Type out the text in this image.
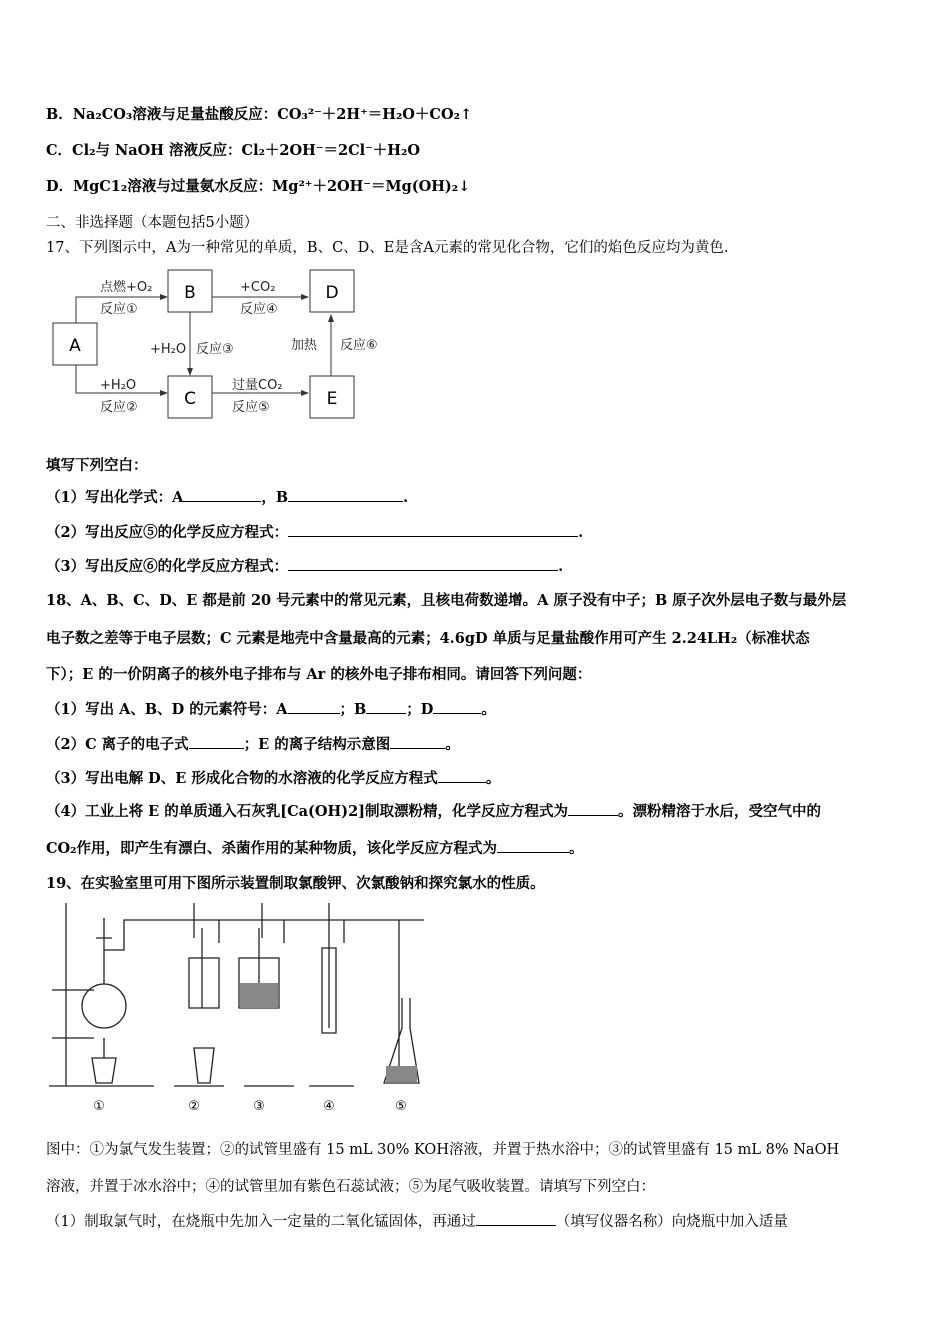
B．Na₂CO₃溶液与足量盐酸反应：CO₃²⁻＋2H⁺＝H₂O＋CO₂↑
C．Cl₂与 NaOH 溶液反应：Cl₂＋2OH⁻＝2Cl⁻＋H₂O
D．MgC1₂溶液与过量氨水反应：Mg²⁺＋2OH⁻＝Mg(OH)₂↓
二、非选择题（本题包括5小题）
17、下列图示中，A为一种常见的单质，B、C、D、E是含A元素的常见化合物，它们的焰色反应均为黄色.
A
B
C
D
E
点燃+O₂
反应①
+H₂O
反应②
+H₂O 反应③
+CO₂
反应④
过量CO₂
反应⑤
加热 反应⑥
填写下列空白：
（1）写出化学式：A	，B	.
（2）写出反应⑤的化学反应方程式：	.
（3）写出反应⑥的化学反应方程式：	.
18、A、B、C、D、E 都是前 20 号元素中的常见元素，且核电荷数递增。A 原子没有中子；B 原子次外层电子数与最外层
电子数之差等于电子层数；C 元素是地壳中含量最高的元素；4.6gD 单质与足量盐酸作用可产生 2.24LH₂（标准状态
下）；E 的一价阴离子的核外电子排布与 Ar 的核外电子排布相同。请回答下列问题：
（1）写出 A、B、D 的元素符号：A	；B	；D	。
（2）C 离子的电子式	；E 的离子结构示意图	。
（3）写出电解 D、E 形成化合物的水溶液的化学反应方程式	。
（4）工业上将 E 的单质通入石灰乳[Ca(OH)2]制取漂粉精，化学反应方程式为	。漂粉精溶于水后，受空气中的
CO₂作用，即产生有漂白、杀菌作用的某种物质，该化学反应方程式为	。
19、在实验室里可用下图所示装置制取氯酸钾、次氯酸钠和探究氯水的性质。
①	②	③	④	⑤
图中：①为氯气发生装置；②的试管里盛有 15 mL 30% KOH溶液，并置于热水浴中；③的试管里盛有 15 mL 8% NaOH
溶液，并置于冰水浴中；④的试管里加有紫色石蕊试液；⑤为尾气吸收装置。请填写下列空白：
（1）制取氯气时，在烧瓶中先加入一定量的二氧化锰固体，再通过	（填写仪器名称）向烧瓶中加入适量
